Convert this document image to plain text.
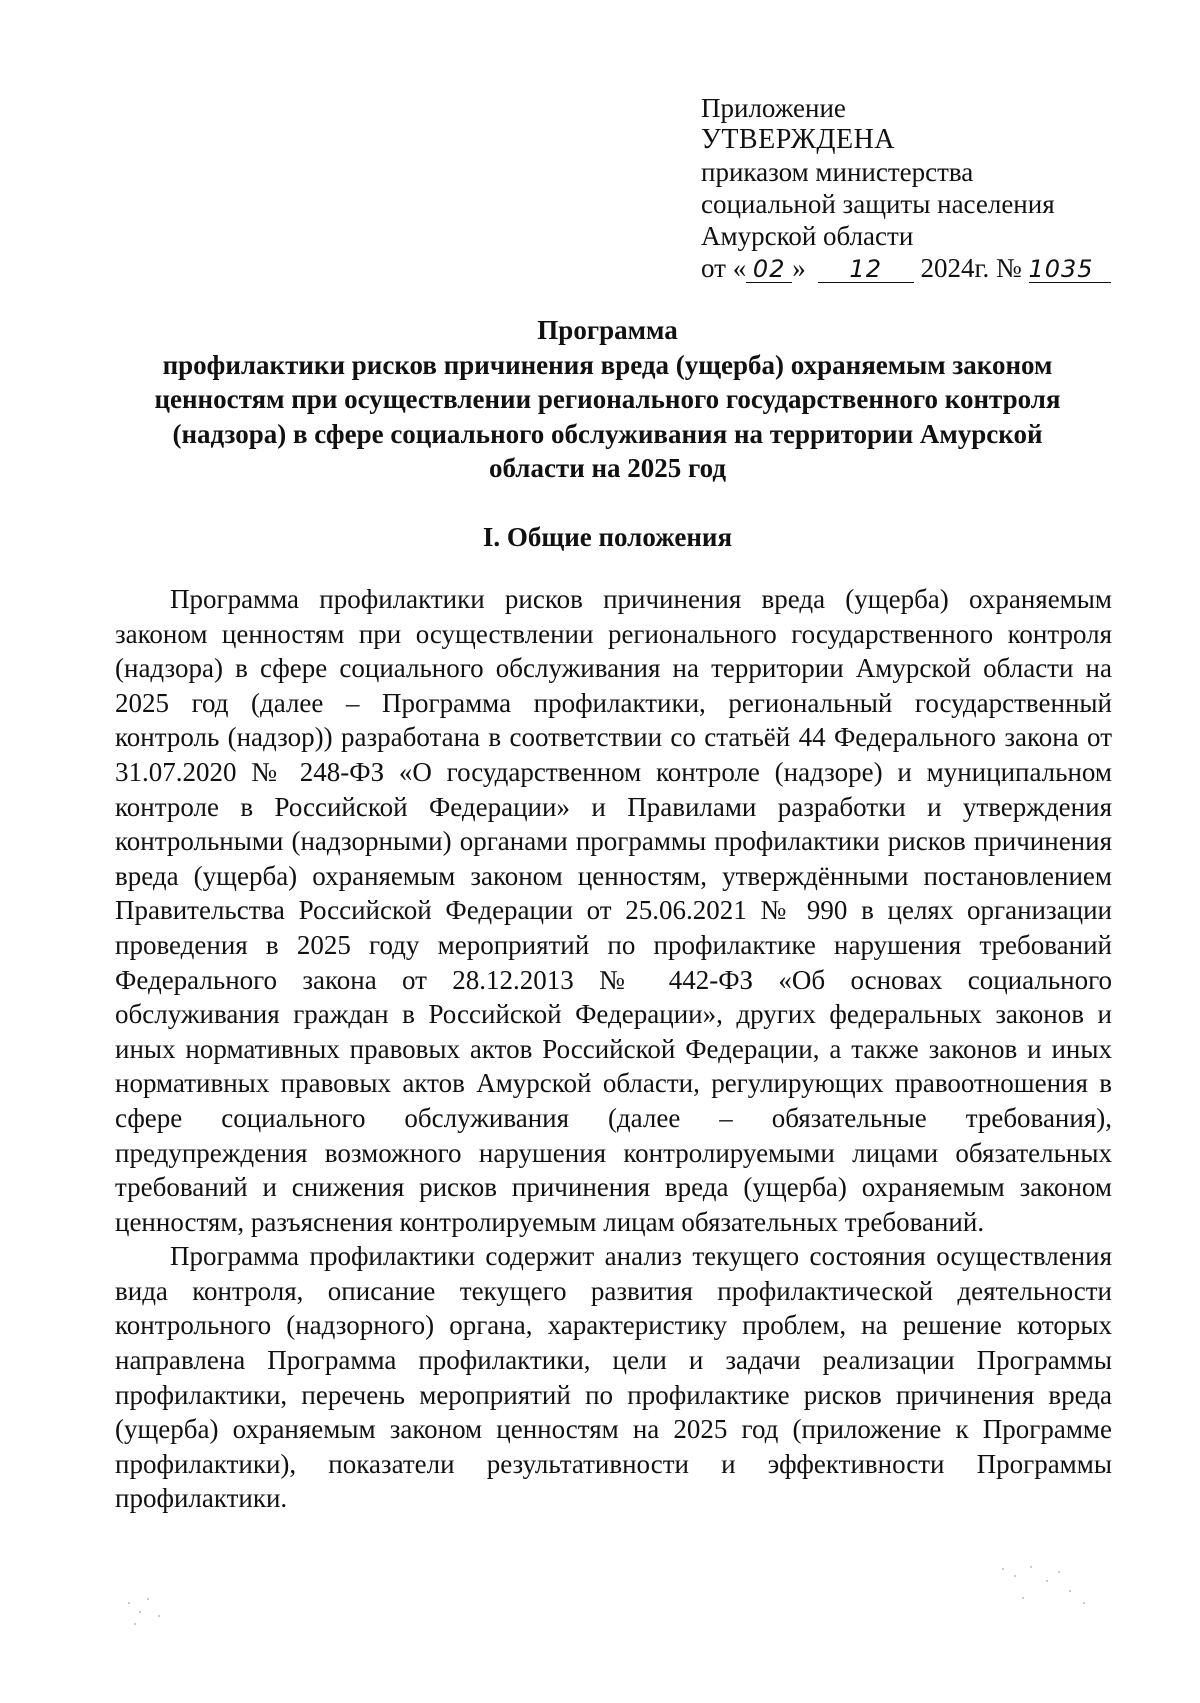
Приложение
УТВЕРЖДЕНА
приказом министерства
социальной защиты населения
Амурской области
от « 02 » 12 2024г. № 1035
Программа
профилактики рисков причинения вреда (ущерба) охраняемым законом
ценностям при осуществлении регионального государственного контроля
(надзора) в сфере социального обслуживания на территории Амурской
области на 2025 год
I. Общие положения

Программа профилактики рисков причинения вреда (ущерба) охраняемым законом ценностям при осуществлении регионального государственного контроля (надзора) в сфере социального обслуживания на территории Амурской области на 2025 год (далее – Программа профилактики, региональный государственный контроль (надзор)) разработана в соответствии со статьёй 44 Федерального закона от 31.07.2020 № 248-ФЗ «О государственном контроле (надзоре) и муниципальном контроле в Российской Федерации» и Правилами разработки и утверждения контрольными (надзорными) органами программы профилактики рисков причинения вреда (ущерба) охраняемым законом ценностям, утверждёнными постановлением Правительства Российской Федерации от 25.06.2021 № 990 в целях организации проведения в 2025 году мероприятий по профилактике нарушения требований Федерального закона от 28.12.2013 № 442-ФЗ «Об основах социального обслуживания граждан в Российской Федерации», других федеральных законов и иных нормативных правовых актов Российской Федерации, а также законов и иных нормативных правовых актов Амурской области, регулирующих правоотношения в сфере социального обслуживания (далее – обязательные требования), предупреждения возможного нарушения контролируемыми лицами обязательных требований и снижения рисков причинения вреда (ущерба) охраняемым законом ценностям, разъяснения контролируемым лицам обязательных требований.

Программа профилактики содержит анализ текущего состояния осуществления вида контроля, описание текущего развития профилактической деятельности контрольного (надзорного) органа, характеристику проблем, на решение которых направлена Программа профилактики, цели и задачи реализации Программы профилактики, перечень мероприятий по профилактике рисков причинения вреда (ущерба) охраняемым законом ценностям на 2025 год (приложение к Программе профилактики), показатели результативности и эффективности Программы профилактики.
